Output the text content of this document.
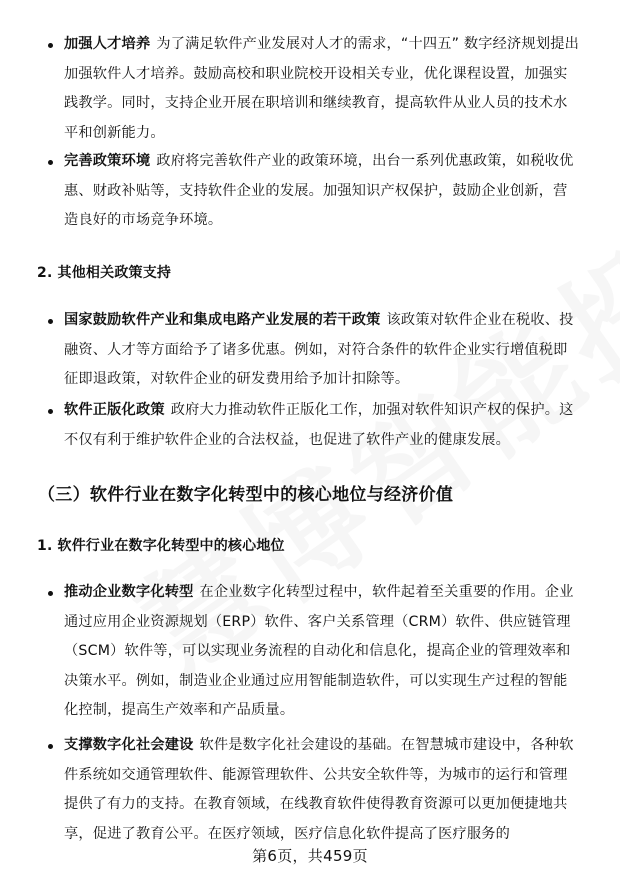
加强人才培养 为了满足软件产业发展对人才的需求，“十四五” 数字经济规划提出加强软件人才培养。鼓励高校和职业院校开设相关专业，优化课程设置，加强实践教学。同时，支持企业开展在职培训和继续教育，提高软件从业人员的技术水平和创新能力。
完善政策环境 政府将完善软件产业的政策环境，出台一系列优惠政策，如税收优惠、财政补贴等，支持软件企业的发展。加强知识产权保护，鼓励企业创新，营造良好的市场竞争环境。
2. 其他相关政策支持
国家鼓励软件产业和集成电路产业发展的若干政策 该政策对软件企业在税收、投融资、人才等方面给予了诸多优惠。例如，对符合条件的软件企业实行增值税即征即退政策，对软件企业的研发费用给予加计扣除等。
软件正版化政策 政府大力推动软件正版化工作，加强对软件知识产权的保护。这不仅有利于维护软件企业的合法权益，也促进了软件产业的健康发展。
（三）软件行业在数字化转型中的核心地位与经济价值
1. 软件行业在数字化转型中的核心地位
推动企业数字化转型 在企业数字化转型过程中，软件起着至关重要的作用。企业通过应用企业资源规划（ERP）软件、客户关系管理（CRM）软件、供应链管理（SCM）软件等，可以实现业务流程的自动化和信息化，提高企业的管理效率和决策水平。例如，制造业企业通过应用智能制造软件，可以实现生产过程的智能化控制，提高生产效率和产品质量。
支撑数字化社会建设 软件是数字化社会建设的基础。在智慧城市建设中，各种软件系统如交通管理软件、能源管理软件、公共安全软件等，为城市的运行和管理提供了有力的支持。在教育领域，在线教育软件使得教育资源可以更加便捷地共享，促进了教育公平。在医疗领域，医疗信息化软件提高了医疗服务的
第6页，共459页
